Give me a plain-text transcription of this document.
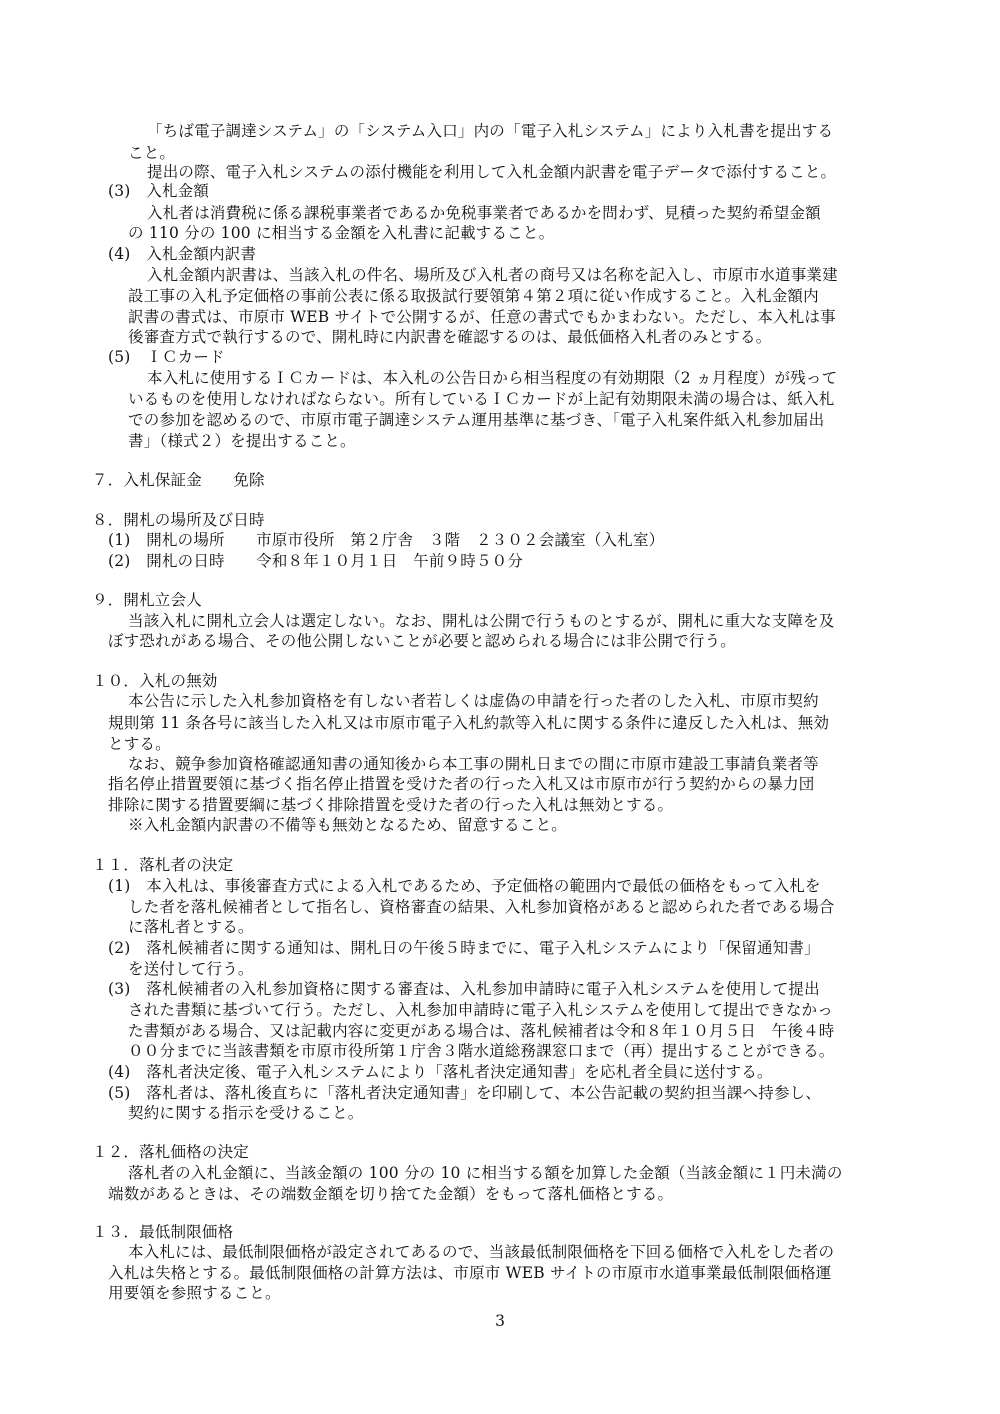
「ちば電子調達システム」の「システム入口」内の「電子入札システム」により入札書を提出する
こと。
提出の際、電子入札システムの添付機能を利用して入札金額内訳書を電子データで添付すること。
(3)　入札金額
入札者は消費税に係る課税事業者であるか免税事業者であるかを問わず、見積った契約希望金額
の 110 分の 100 に相当する金額を入札書に記載すること。
(4)　入札金額内訳書
入札金額内訳書は、当該入札の件名、場所及び入札者の商号又は名称を記入し、市原市水道事業建
設工事の入札予定価格の事前公表に係る取扱試行要領第４第２項に従い作成すること。入札金額内
訳書の書式は、市原市 WEB サイトで公開するが、任意の書式でもかまわない。ただし、本入札は事
後審査方式で執行するので、開札時に内訳書を確認するのは、最低価格入札者のみとする。
(5)　ＩＣカード
本入札に使用するＩＣカードは、本入札の公告日から相当程度の有効期限（2 ヵ月程度）が残って
いるものを使用しなければならない。所有しているＩＣカードが上記有効期限未満の場合は、紙入札
での参加を認めるので、市原市電子調達システム運用基準に基づき、「電子入札案件紙入札参加届出
書」（様式２）を提出すること。
７．入札保証金　　免除
８．開札の場所及び日時
(1)　開札の場所　　市原市役所　第２庁舎　３階　２３０２会議室（入札室）
(2)　開札の日時　　令和８年１０月１日　午前９時５０分
９．開札立会人
当該入札に開札立会人は選定しない。なお、開札は公開で行うものとするが、開札に重大な支障を及
ぼす恐れがある場合、その他公開しないことが必要と認められる場合には非公開で行う。
１０．入札の無効
本公告に示した入札参加資格を有しない者若しくは虚偽の申請を行った者のした入札、市原市契約
規則第 11 条各号に該当した入札又は市原市電子入札約款等入札に関する条件に違反した入札は、無効
とする。
なお、競争参加資格確認通知書の通知後から本工事の開札日までの間に市原市建設工事請負業者等
指名停止措置要領に基づく指名停止措置を受けた者の行った入札又は市原市が行う契約からの暴力団
排除に関する措置要綱に基づく排除措置を受けた者の行った入札は無効とする。
※入札金額内訳書の不備等も無効となるため、留意すること。
１１．落札者の決定
(1)　本入札は、事後審査方式による入札であるため、予定価格の範囲内で最低の価格をもって入札を
した者を落札候補者として指名し、資格審査の結果、入札参加資格があると認められた者である場合
に落札者とする。
(2)　落札候補者に関する通知は、開札日の午後５時までに、電子入札システムにより「保留通知書」
を送付して行う。
(3)　落札候補者の入札参加資格に関する審査は、入札参加申請時に電子入札システムを使用して提出
された書類に基づいて行う。ただし、入札参加申請時に電子入札システムを使用して提出できなかっ
た書類がある場合、又は記載内容に変更がある場合は、落札候補者は令和８年１０月５日　午後４時
００分までに当該書類を市原市役所第１庁舎３階水道総務課窓口まで（再）提出することができる。
(4)　落札者決定後、電子入札システムにより「落札者決定通知書」を応札者全員に送付する。
(5)　落札者は、落札後直ちに「落札者決定通知書」を印刷して、本公告記載の契約担当課へ持参し、
契約に関する指示を受けること。
１２．落札価格の決定
落札者の入札金額に、当該金額の 100 分の 10 に相当する額を加算した金額（当該金額に１円未満の
端数があるときは、その端数金額を切り捨てた金額）をもって落札価格とする。
１３．最低制限価格
本入札には、最低制限価格が設定されてあるので、当該最低制限価格を下回る価格で入札をした者の
入札は失格とする。最低制限価格の計算方法は、市原市 WEB サイトの市原市水道事業最低制限価格運
用要領を参照すること。
3
